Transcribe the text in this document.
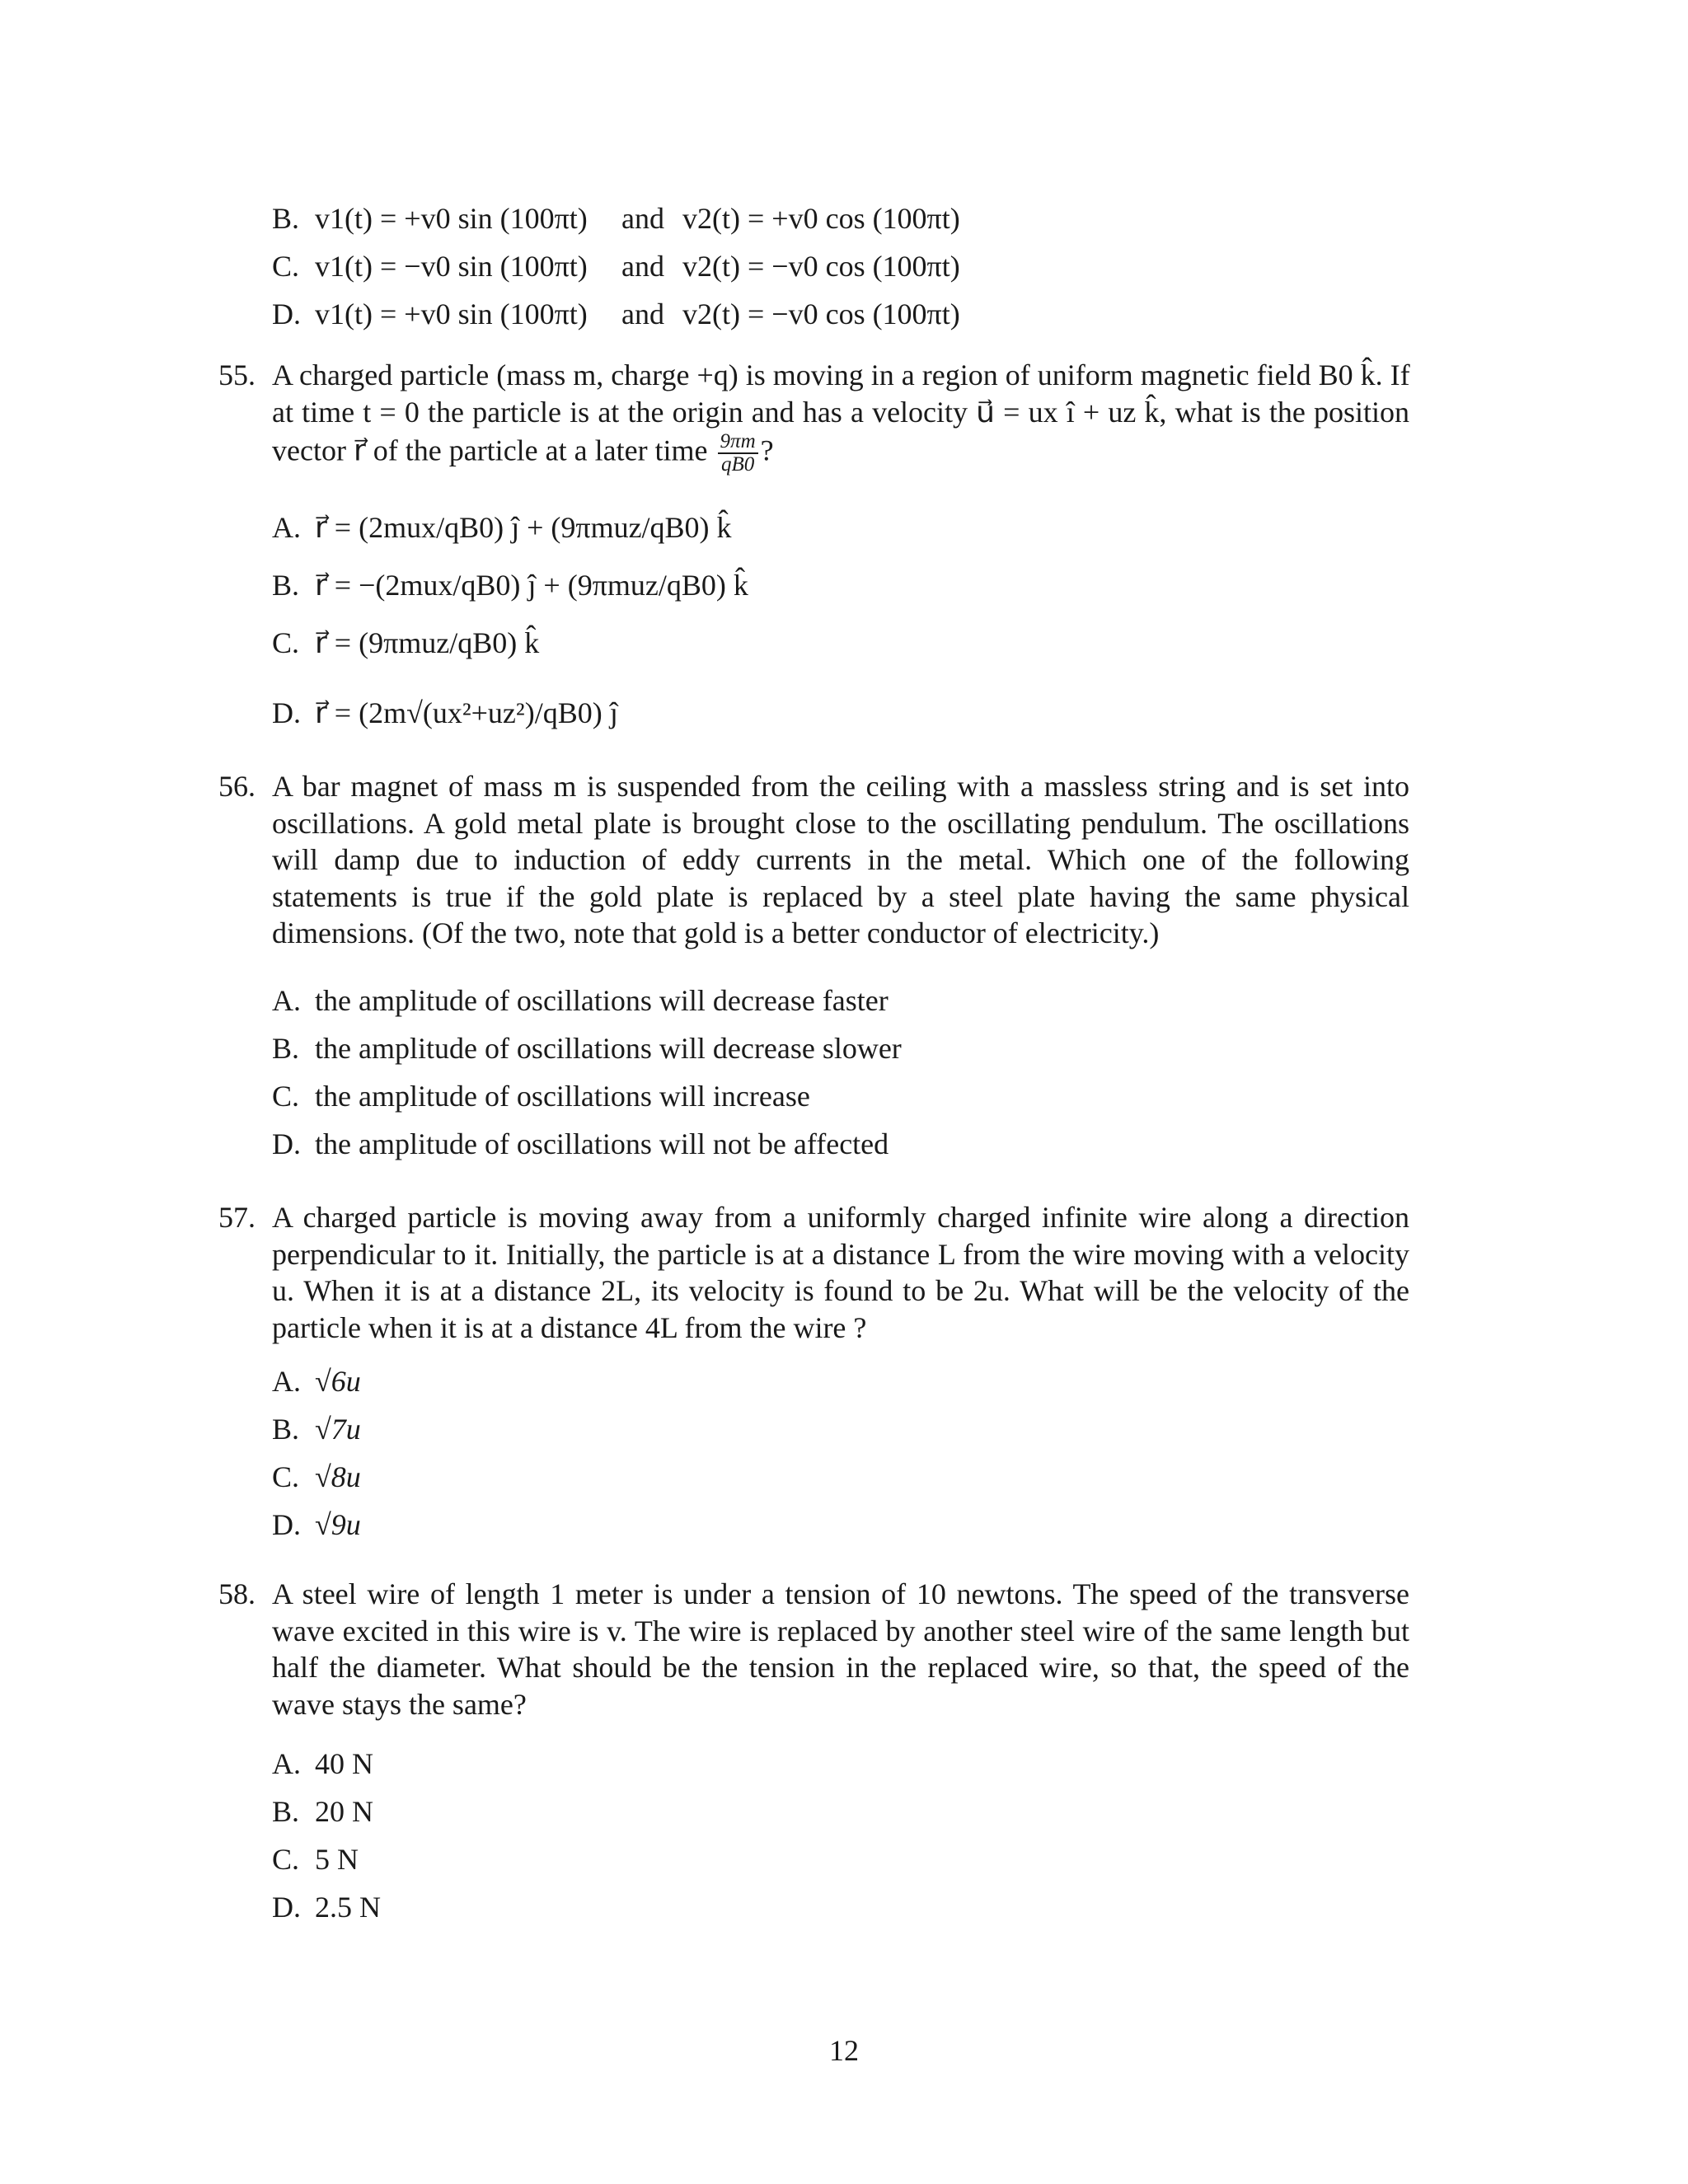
B. v1(t) = +v0 sin (100πt) and v2(t) = +v0 cos (100πt)
C. v1(t) = −v0 sin (100πt) and v2(t) = −v0 cos (100πt)
D. v1(t) = +v0 sin (100πt) and v2(t) = −v0 cos (100πt)
55. A charged particle (mass m, charge +q) is moving in a region of uniform magnetic field B0 k̂. If
at time t = 0 the particle is at the origin and has a velocity u⃗ = ux î + uz k̂, what is the position
vector r⃗ of the particle at a later time $\frac{9\pi m}{qB0}$ ?
A. r⃗ = (2mux/qB0) ĵ + (9πmuz/qB0) k̂
B. r⃗ = −(2mux/qB0) ĵ + (9πmuz/qB0) k̂
C. r⃗ = (9πmuz/qB0) k̂
D. r⃗ = (2m√(ux²+uz²)/qB0) ĵ
56. A bar magnet of mass m is suspended from the ceiling with a massless string and is set into oscillations. A gold metal plate is brought close to the oscillating pendulum. The oscillations will damp due to induction of eddy currents in the metal. Which one of the following statements is true if the gold plate is replaced by a steel plate having the same physical dimensions. (Of the two, note that gold is a better conductor of electricity.)
A. the amplitude of oscillations will decrease faster
B. the amplitude of oscillations will decrease slower
C. the amplitude of oscillations will increase
D. the amplitude of oscillations will not be affected
57. A charged particle is moving away from a uniformly charged infinite wire along a direction perpendicular to it. Initially, the particle is at a distance L from the wire moving with a velocity u. When it is at a distance 2L, its velocity is found to be 2u. What will be the velocity of the particle when it is at a distance 4L from the wire ?
A. √6u
B. √7u
C. √8u
D. √9u
58. A steel wire of length 1 meter is under a tension of 10 newtons. The speed of the transverse wave excited in this wire is v. The wire is replaced by another steel wire of the same length but half the diameter. What should be the tension in the replaced wire, so that, the speed of the wave stays the same?
A. 40 N
B. 20 N
C. 5 N
D. 2.5 N
12
